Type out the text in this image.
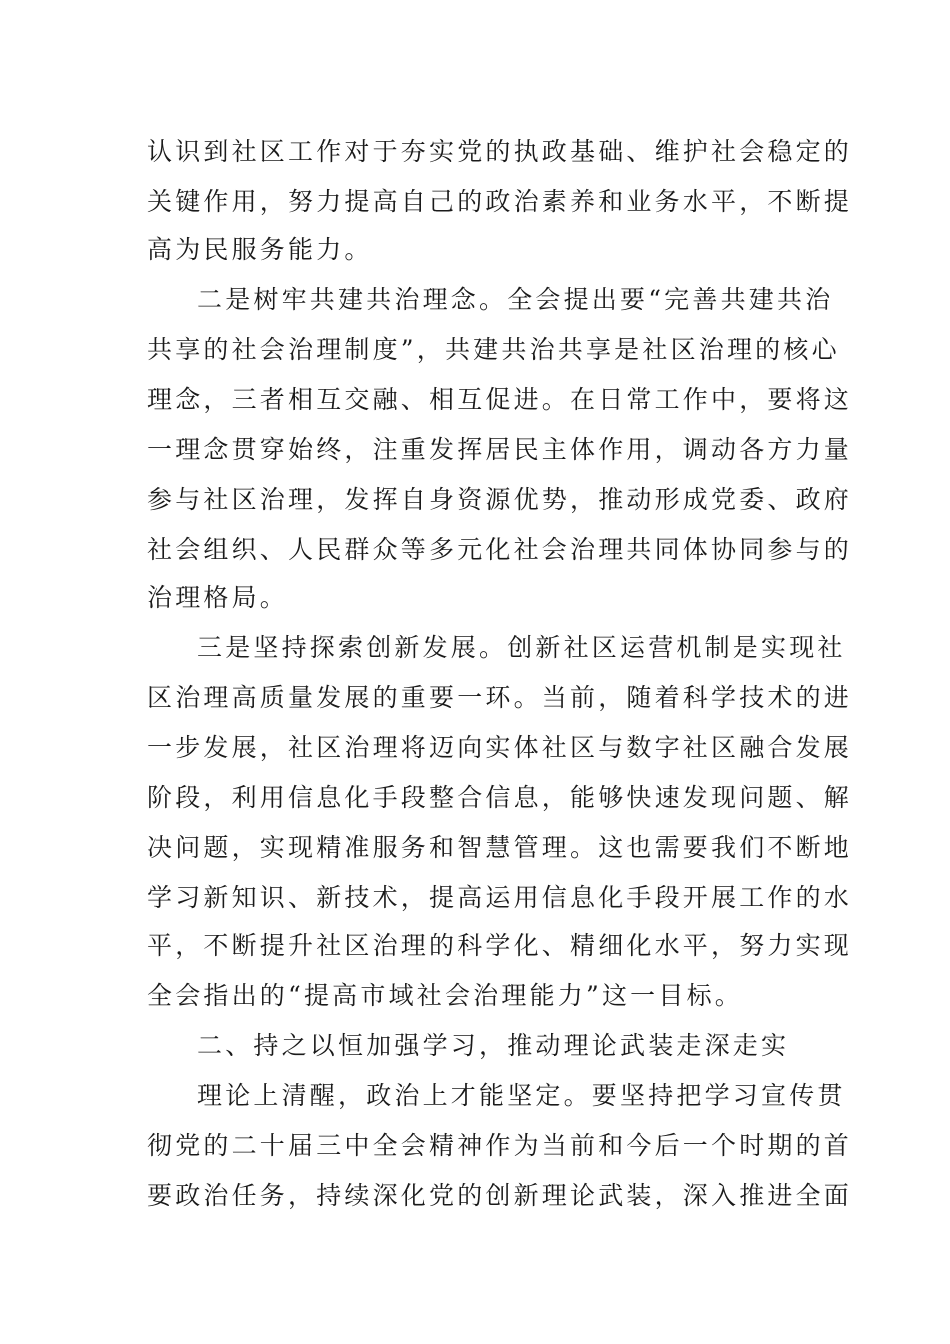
认识到社区工作对于夯实党的执政基础、维护社会稳定的
关键作用，努力提高自己的政治素养和业务水平，不断提
高为民服务能力。
二是树牢共建共治理念。全会提出要“完善共建共治
共享的社会治理制度”，共建共治共享是社区治理的核心
理念，三者相互交融、相互促进。在日常工作中，要将这
一理念贯穿始终，注重发挥居民主体作用，调动各方力量
参与社区治理，发挥自身资源优势，推动形成党委、政府
社会组织、人民群众等多元化社会治理共同体协同参与的
治理格局。
三是坚持探索创新发展。创新社区运营机制是实现社
区治理高质量发展的重要一环。当前，随着科学技术的进
一步发展，社区治理将迈向实体社区与数字社区融合发展
阶段，利用信息化手段整合信息，能够快速发现问题、解
决问题，实现精准服务和智慧管理。这也需要我们不断地
学习新知识、新技术，提高运用信息化手段开展工作的水
平，不断提升社区治理的科学化、精细化水平，努力实现
全会指出的“提高市域社会治理能力”这一目标。
二、持之以恒加强学习，推动理论武装走深走实
理论上清醒，政治上才能坚定。要坚持把学习宣传贯
彻党的二十届三中全会精神作为当前和今后一个时期的首
要政治任务，持续深化党的创新理论武装，深入推进全面
